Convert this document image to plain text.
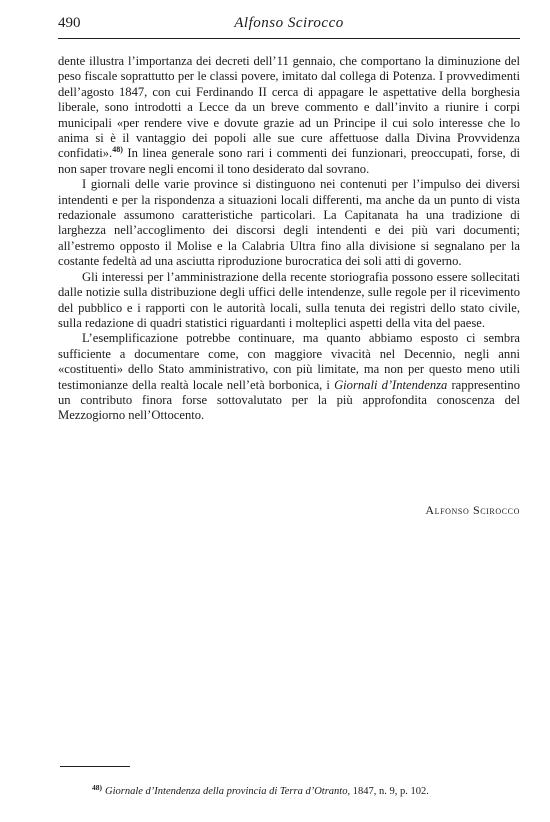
490	Alfonso Scirocco

dente illustra l’importanza dei decreti dell’11 gennaio, che comportano la diminuzione del peso fiscale soprattutto per le classi povere, imitato dal collega di Potenza. I provvedimenti dell’agosto 1847, con cui Ferdinando II cerca di appagare le aspettative della borghesia liberale, sono introdotti a Lecce da un breve commento e dall’invito a riunire i corpi municipali «per rendere vive e dovute grazie ad un Principe il cui solo interesse che lo anima si è il vantaggio dei popoli alle sue cure affettuose dalla Divina Provvidenza confidati».$^{48)}$ In linea generale sono rari i commenti dei funzionari, preoccupati, forse, di non saper trovare negli encomi il tono desiderato dal sovrano.

I giornali delle varie province si distinguono nei contenuti per l’impulso dei diversi intendenti e per la rispondenza a situazioni locali differenti, ma anche da un punto di vista redazionale assumono caratteristiche particolari. La Capitanata ha una tradizione di larghezza nell’accoglimento dei discorsi degli intendenti e dei più vari documenti; all’estremo opposto il Molise e la Calabria Ultra fino alla divisione si segnalano per la costante fedeltà ad una asciutta riproduzione burocratica dei soli atti di governo.

Gli interessi per l’amministrazione della recente storiografia possono essere sollecitati dalle notizie sulla distribuzione degli uffici delle intendenze, sulle regole per il ricevimento del pubblico e i rapporti con le autorità locali, sulla tenuta dei registri dello stato civile, sulla redazione di quadri statistici riguardanti i molteplici aspetti della vita del paese.

L’esemplificazione potrebbe continuare, ma quanto abbiamo esposto ci sembra sufficiente a documentare come, con maggiore vivacità nel Decennio, negli anni «costituenti» dello Stato amministrativo, con più limitate, ma non per questo meno utili testimonianze della realtà locale nell’età borbonica, i Giornali d’Intendenza rappresentino un contributo finora forse sottovalutato per la più approfondita conoscenza del Mezzogiorno nell’Ottocento.

Alfonso Scirocco
$^{48)}$ Giornale d’Intendenza della provincia di Terra d’Otranto, 1847, n. 9, p. 102.
